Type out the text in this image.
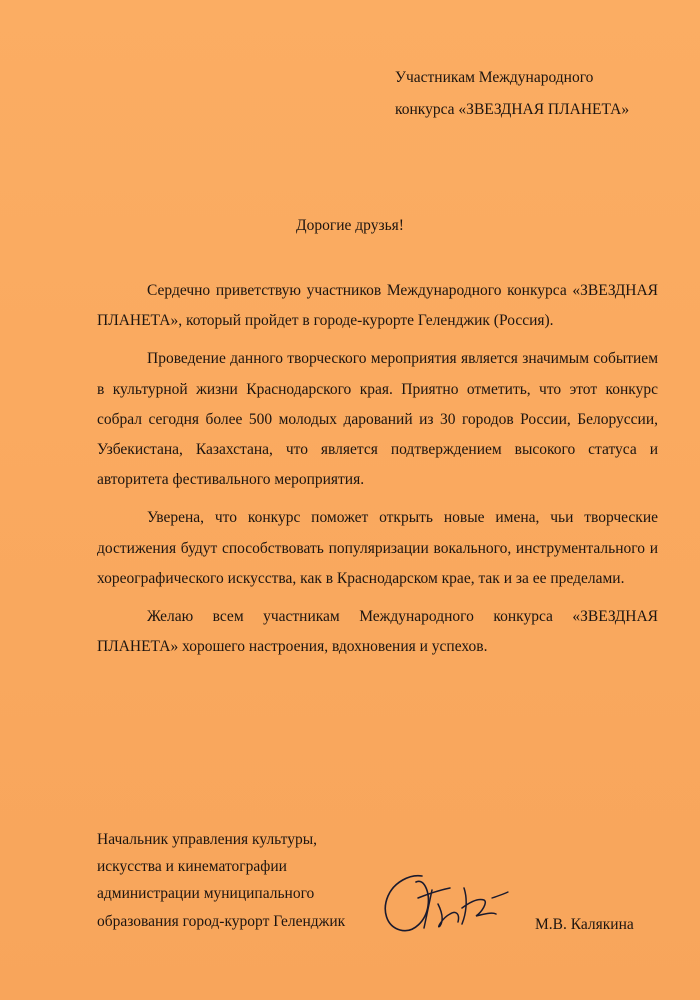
Участникам Международного
конкурса «ЗВЕЗДНАЯ ПЛАНЕТА»
Дорогие друзья!

Сердечно приветствую участников Международного конкурса «ЗВЕЗДНАЯ ПЛАНЕТА», который пройдет в городе-курорте Геленджик (Россия).

Проведение данного творческого мероприятия является значимым событием в культурной жизни Краснодарского края. Приятно отметить, что этот конкурс собрал сегодня более 500 молодых дарований из 30 городов России, Белоруссии, Узбекистана, Казахстана, что является подтверждением высокого статуса и авторитета фестивального мероприятия.

Уверена, что конкурс поможет открыть новые имена, чьи творческие достижения будут способствовать популяризации вокального, инструментального и хореографического искусства, как в Краснодарском крае, так и за ее пределами.

Желаю всем участникам Международного конкурса «ЗВЕЗДНАЯ ПЛАНЕТА» хорошего настроения, вдохновения и успехов.

Начальник управления культуры,
искусства и кинематографии
администрации муниципального
образования город-курорт Геленджик	М.В. Калякина
